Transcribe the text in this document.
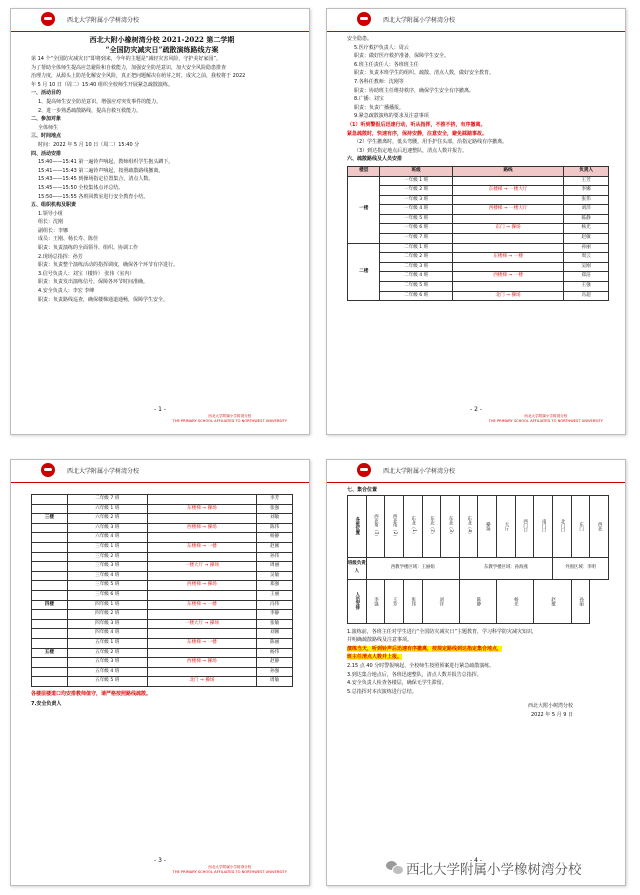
西北大学附属小学树湾分校

西北大附小橡树湾分校 2021-2022 第二学期

“全国防灾减灾日”疏散演练路线方案

第 14 个“全国防灾减灾日”即将到来，今年的主题是“减轻灾害风险，守护美好家园”。

为了帮助全体师生提高应急避险和自救能力，加强安全防范意识，加大安全风险隐患排查

治理力度，从源头上防范化解安全风险，真正把问题解决在萌芽之时，成灾之前，我校将于 2022

年 5 月 10 日（周二）15:40 组织全校师生开展紧急疏散演练。

一、活动目的

1、提高师生安全防范意识，增强应对突发事件的能力。

2、进一步熟悉疏散路线，提高自救互救能力。

二、参加对象

全体师生

三、时间地点

时间：2022 年 5 月 10 日（周二）15:40 分

四、活动安排

15:40——15:41 第一遍铃声响起，教师组织学生抱头蹲下。

15:41——15:43 第二遍铃声响起，按照疏散路线撤离。

15:43——15:45 到操场指定位置集合，清点人数。

15:45——15:50 全校集体点评总结。

15:50——15:55 各班回教室进行安全教育小结。

五、组织机构及职责

1.领导小组

组长：沈刚

副组长：李娜

成员：王刚、杨长寿、陈佳

职责：负责演练的全面领导、组织、协调工作

2.现场总指挥：孙芳

职责：负责整个演练活动的指挥调度，确保各个环节有序进行。

3.信号负责人：刘宝（楼铃） 张伟（室内）

职责：负责发出演练信号，保障各环节时间准确。

4.安全负责人：李宏 李峰

职责：负责路线巡查，确保楼梯通道通畅，保障学生安全。

- 1 -
西北大学附属小学树湾分校
THE PRIMARY SCHOOL AFFILIATED TO NORTHWEST UNIVERSITY
西北大学附属小学树湾分校

安全隐患。

5.医疗救护负责人：周云

职责：做好医疗救护准备，保障学生安全。

6.班主任责任人：各班班主任

职责：负责本班学生的组织、疏散、清点人数，做好安全教育。

7.各科任教师：沈刚等

职责：协助班主任维持秩序，确保学生安全有序撤离。

8.广播：刘宝

职责：负责广播播报。

9.紧急疏散演练的要求及注意事项

（1）听到警报后迅速行动，听从指挥，不推不挤，有序撤离。

紧急疏散时，快速有序，保持安静，注意安全，避免踩踏事故。

（2）学生撤离时，低头弯腰，用手护住头部，沿指定路线有序撤离。

（3）到达指定地点后迅速整队，清点人数并报告。

六、疏散路线及人员安排

楼层	班级	路线	负责人
一楼	一年级 1 班		王芳
	一年级 2 班	东楼梯 → 一楼大厅	李娜
	一年级 3 班		张伟
	一年级 4 班	西楼梯 → 一楼大厅	刘洋
	一年级 5 班		陈静
	一年级 6 班	东门 → 操场	杨光
	一年级 7 班		赵敏
二楼	二年级 1 班		孙丽
	二年级 2 班	东楼梯 → 一楼	周云
	二年级 3 班		吴刚
	二年级 4 班	西楼梯 → 一楼	郑洁
	二年级 5 班		王强
	二年级 6 班	北门 → 操场	冯超
- 2 -
西北大学附属小学树湾分校
THE PRIMARY SCHOOL AFFILIATED TO NORTHWEST UNIVERSITY
西北大学附属小学树湾分校
	二年级 7 班		李芳
	六年级 1 班	东楼梯 → 操场	张强
三楼	六年级 2 班		刘敏
	六年级 3 班	西楼梯 → 操场	陈伟
	六年级 4 班		杨静
	三年级 1 班	东楼梯 → 一楼	赵刚
	三年级 2 班		孙伟
	三年级 3 班	一楼大厅 → 操场	周丽
	三年级 4 班		吴敏
	三年级 5 班	西楼梯 → 操场	郑强
	三年级 6 班		王丽
四楼	四年级 1 班	东楼梯 → 一楼	冯伟
	四年级 2 班		李静
	四年级 3 班	一楼大厅 → 操场	张敏
	四年级 4 班		刘刚
	五年级 1 班	东楼梯 → 一楼	陈丽
五楼	五年级 2 班		杨伟
	五年级 3 班	西楼梯 → 操场	赵静
	五年级 4 班		孙强
	五年级 5 班	北门 → 操场	周敏

各楼层楼道口均安排教师值守，请严格按照路线疏散。

7.安全负责人

- 3 -
西北大学附属小学树湾分校
THE PRIMARY SCHOOL AFFILIATED TO NORTHWEST UNIVERSITY
西北大学附属小学树湾分校

七、集合位置

各班位置	西北角（1）	西北角（2）	东北（1）	东北（2）	东北（3）	东北（4）	操场	大厅	西门口	南门口	北门口	东门	西北
班级负责人	西教学楼区域：王丽娟					东教学楼区域：孙海燕					外围区域：李明		
人员安排	李强	王芳	张伟	刘洋		陈静		杨光		赵敏		孙丽	

1.演练前，各班主任对学生进行“全国防灾减灾日”主题教育，学习科学防灾减灾知识，

并明确疏散路线及注意事项。

演练当天，听到铃声后迅速有序撤离，按规定路线到达指定集合地点，

班主任清点人数并上报。

2.15 点 40 分时警报响起，全校师生按照预案进行紧急疏散演练。

3.到达集合地点后，各班迅速整队，清点人数并报告总指挥。

4.安全负责人检查各楼层，确保无学生滞留。

5.总指挥对本次演练进行总结。

西北大附小树湾分校

2022 年 5 月 9 日

- 4 -
西北大学附属小学橡树湾分校
